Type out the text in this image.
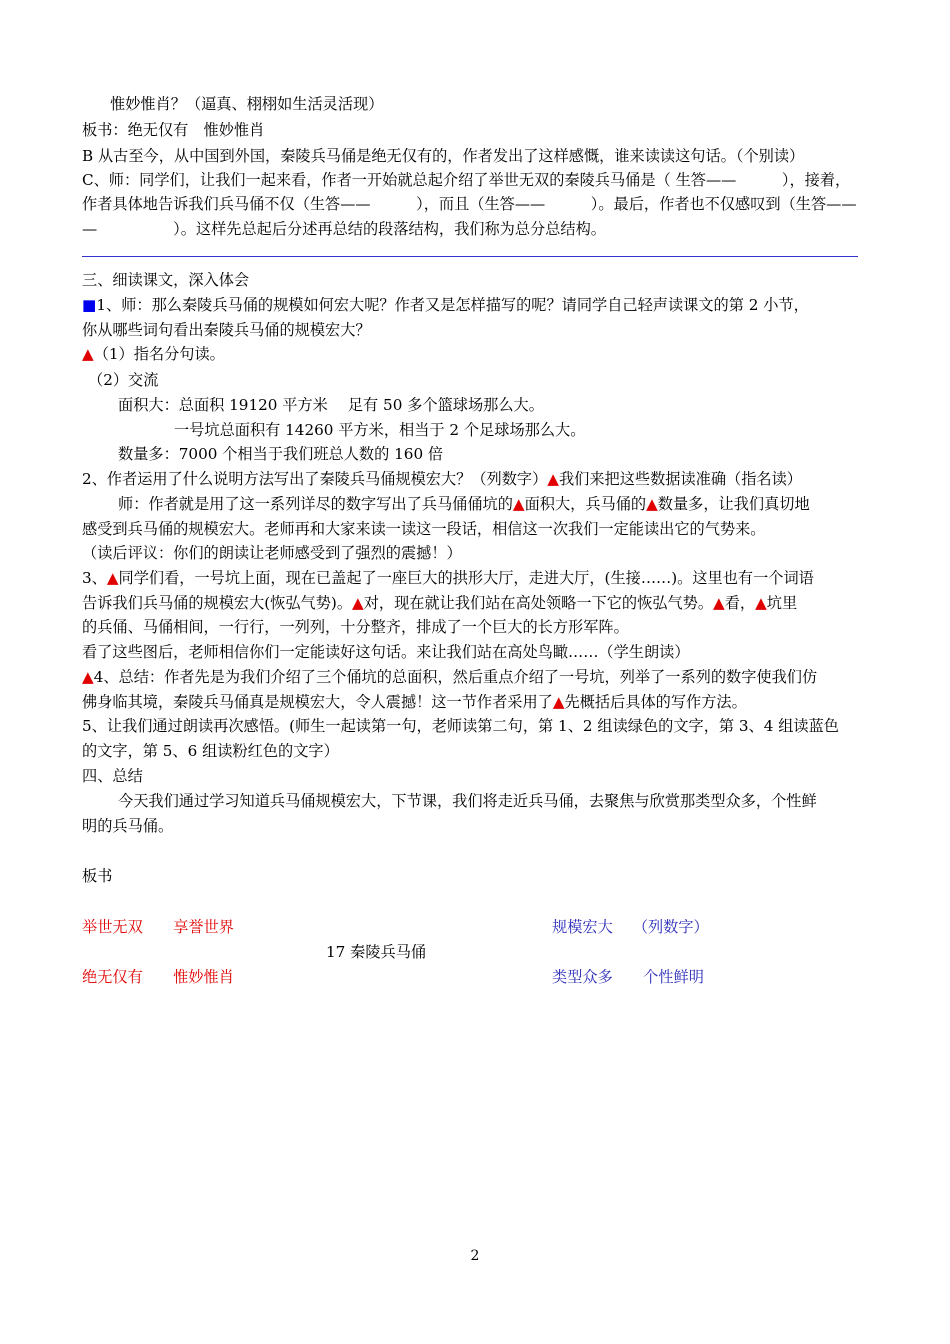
惟妙惟肖？（逼真、栩栩如生活灵活现）
板书：绝无仅有　惟妙惟肖
B 从古至今，从中国到外国，秦陵兵马俑是绝无仅有的，作者发出了这样感慨，谁来读读这句话。（个别读）
C、师：同学们，让我们一起来看，作者一开始就总起介绍了举世无双的秦陵兵马俑是（ 生答——　　　），接着，
作者具体地告诉我们兵马俑不仅（生答——　　　），而且（生答——　　　）。最后，作者也不仅感叹到（生答——
—　　　　　）。这样先总起后分述再总结的段落结构，我们称为总分总结构。
三、细读课文，深入体会
■1、师：那么秦陵兵马俑的规模如何宏大呢？作者又是怎样描写的呢？请同学自己轻声读课文的第 2 小节，
你从哪些词句看出秦陵兵马俑的规模宏大？
▲（1）指名分句读。
（2）交流
面积大：总面积 19120 平方米　 足有 50 多个篮球场那么大。
一号坑总面积有 14260 平方米，相当于 2 个足球场那么大。
数量多：7000 个相当于我们班总人数的 160 倍
2、作者运用了什么说明方法写出了秦陵兵马俑规模宏大？（列数字）▲我们来把这些数据读准确（指名读）
师：作者就是用了这一系列详尽的数字写出了兵马俑俑坑的▲面积大，兵马俑的▲数量多，让我们真切地
感受到兵马俑的规模宏大。老师再和大家来读一读这一段话，相信这一次我们一定能读出它的气势来。
（读后评议：你们的朗读让老师感受到了强烈的震撼！）
3、▲同学们看，一号坑上面，现在已盖起了一座巨大的拱形大厅，走进大厅，(生接……)。这里也有一个词语
告诉我们兵马俑的规模宏大(恢弘气势)。▲对，现在就让我们站在高处领略一下它的恢弘气势。▲看，▲坑里
的兵俑、马俑相间，一行行，一列列，十分整齐，排成了一个巨大的长方形军阵。
看了这些图后，老师相信你们一定能读好这句话。来让我们站在高处鸟瞰……（学生朗读）
▲4、总结：作者先是为我们介绍了三个俑坑的总面积，然后重点介绍了一号坑，列举了一系列的数字使我们仿
佛身临其境，秦陵兵马俑真是规模宏大，令人震撼！这一节作者采用了▲先概括后具体的写作方法。
5、让我们通过朗读再次感悟。(师生一起读第一句，老师读第二句，第 1、2 组读绿色的文字，第 3、4 组读蓝色
的文字，第 5、6 组读粉红色的文字）
四、总结
今天我们通过学习知道兵马俑规模宏大，下节课，我们将走近兵马俑，去聚焦与欣赏那类型众多，个性鲜
明的兵马俑。
板书
举世无双　　享誉世界
17 秦陵兵马俑
绝无仅有　　惟妙惟肖
规模宏大　 （列数字）
类型众多　　个性鲜明
2
